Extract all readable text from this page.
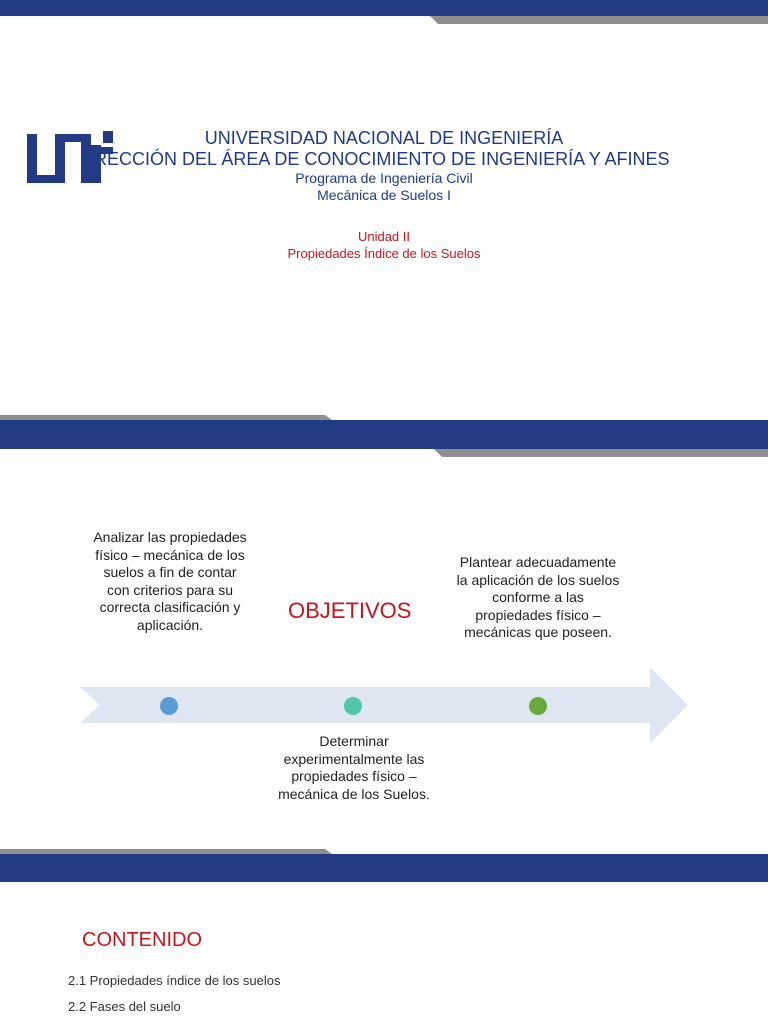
UNIVERSIDAD NACIONAL DE INGENIERÍA
RECCIÓN DEL ÁREA DE CONOCIMIENTO DE INGENIERÍA Y AFINES
Programa de Ingeniería Civil
Mecánica de Suelos I
Unidad II
Propiedades Índice de los Suelos
Analizar las propiedades físico – mecánica de los suelos a fin de contar con criterios para su correcta clasificación y aplicación.
OBJETIVOS
Plantear adecuadamente la aplicación de los suelos conforme a las propiedades físico – mecánicas que poseen.
Determinar experimentalmente las propiedades físico – mecánica de los Suelos.
CONTENIDO
2.1 Propiedades índice de los suelos
2.2 Fases del suelo
